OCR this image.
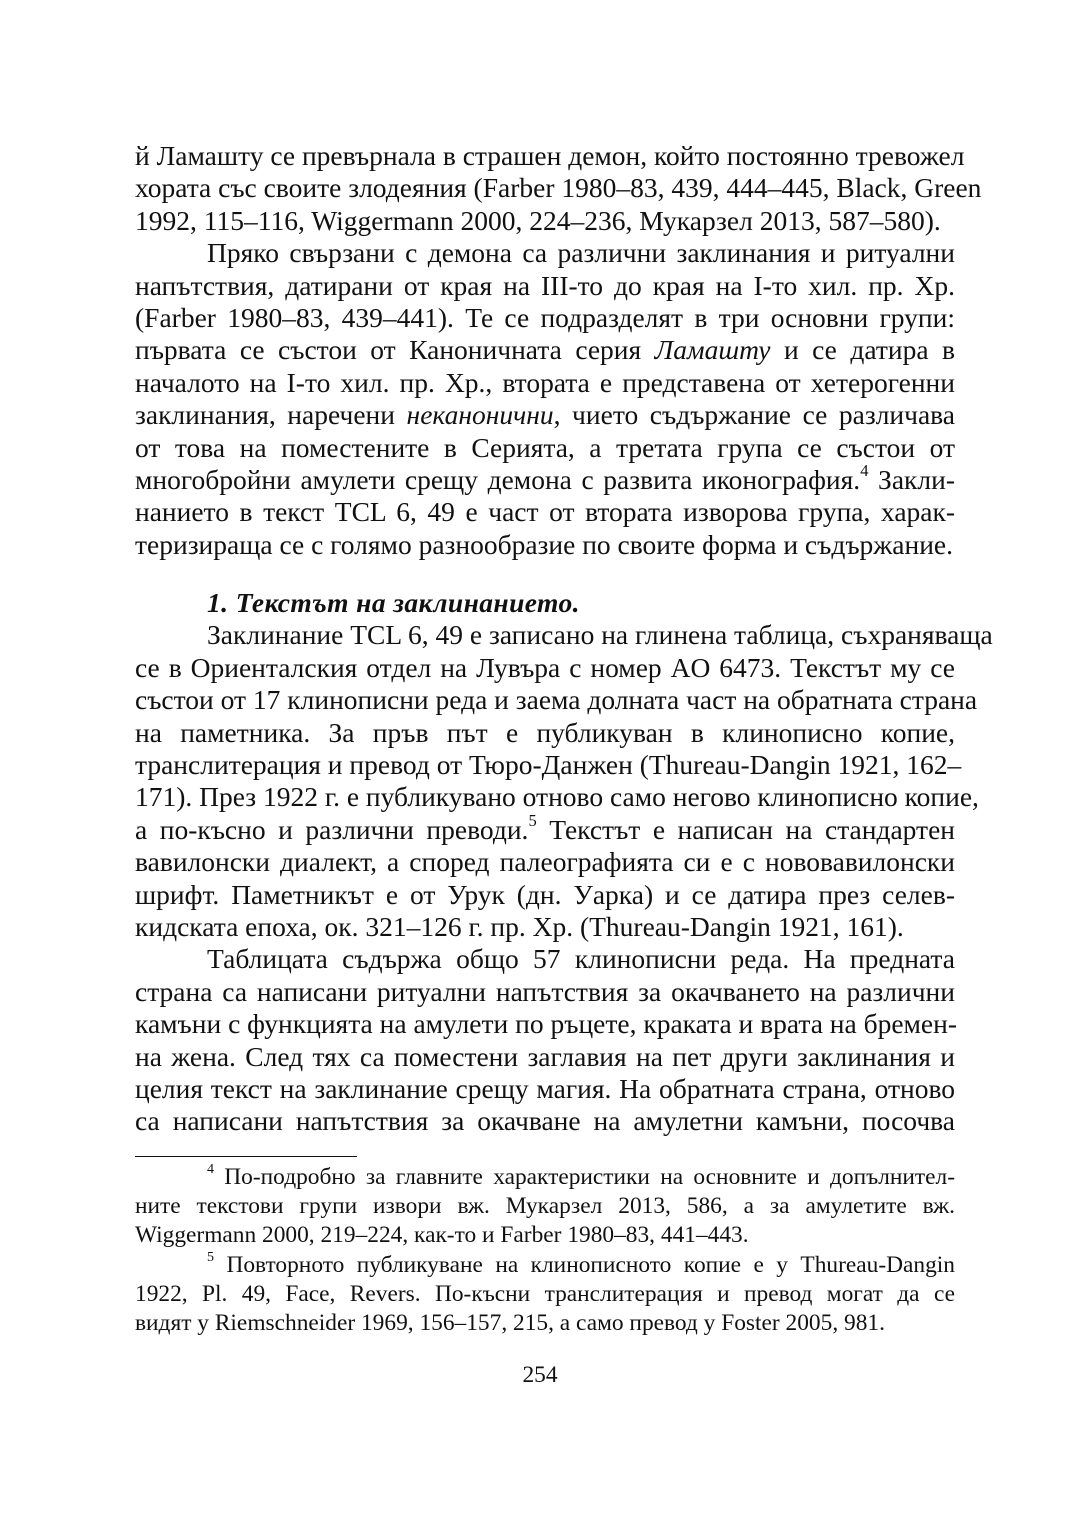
й Ламашту се превърнала в страшен демон, който постоянно тревожел
хората със своите злодеяния (Farber 1980–83, 439, 444–445, Black, Green
1992, 115–116, Wiggermann 2000, 224–236, Мукарзел 2013, 587–580).
Пряко свързани с демона са различни заклинания и ритуални
напътствия, датирани от края на III-то до края на I-то хил. пр. Хр.
(Farber 1980–83, 439–441). Те се подразделят в три основни групи:
първата се състои от Каноничната серия Ламашту и се датира в
началото на I-то хил. пр. Хр., втората е представена от хетерогенни
заклинания, наречени неканонични, чието съдържание се различава
от това на поместените в Серията, а третата група се състои от
многобройни амулети срещу демона с развита иконография.$^4$ Закли-
нанието в текст TCL 6, 49 е част от втората изворова група, харак-
теризираща се с голямо разнообразие по своите форма и съдържание.
1. Текстът на заклинанието.
Заклинание TCL 6, 49 е записано на глинена таблица, съхраняваща
се в Ориенталския отдел на Лувъра с номер AO 6473. Текстът му се
състои от 17 клинописни реда и заема долната част на обратната страна
на паметника. За пръв път е публикуван в клинописно копие,
транслитерация и превод от Тюро-Данжен (Thureau-Dangin 1921, 162–
171). През 1922 г. е публикувано отново само негово клинописно копие,
а по-късно и различни преводи.$^5$ Текстът е написан на стандартен
вавилонски диалект, а според палеографията си е с нововавилонски
шрифт. Паметникът е от Урук (дн. Уарка) и се датира през селев-
кидската епоха, ок. 321–126 г. пр. Хр. (Thureau-Dangin 1921, 161).
Таблицата съдържа общо 57 клинописни реда. На предната
страна са написани ритуални напътствия за окачването на различни
камъни с функцията на амулети по ръцете, краката и врата на бремен-
на жена. След тях са поместени заглавия на пет други заклинания и
целия текст на заклинание срещу магия. На обратната страна, отново
са написани напътствия за окачване на амулетни камъни, посочва
$^4$ По-подробно за главните характеристики на основните и допълнител-
ните текстови групи извори вж. Мукарзел 2013, 586, а за амулетите вж.
Wiggermann 2000, 219–224, как-то и Farber 1980–83, 441–443.
$^5$ Повторното публикуване на клинописното копие е у Thureau-Dangin
1922, Pl. 49, Face, Revers. По-късни транслитерация и превод могат да се
видят у Riemschneider 1969, 156–157, 215, а само превод у Foster 2005, 981.
254
